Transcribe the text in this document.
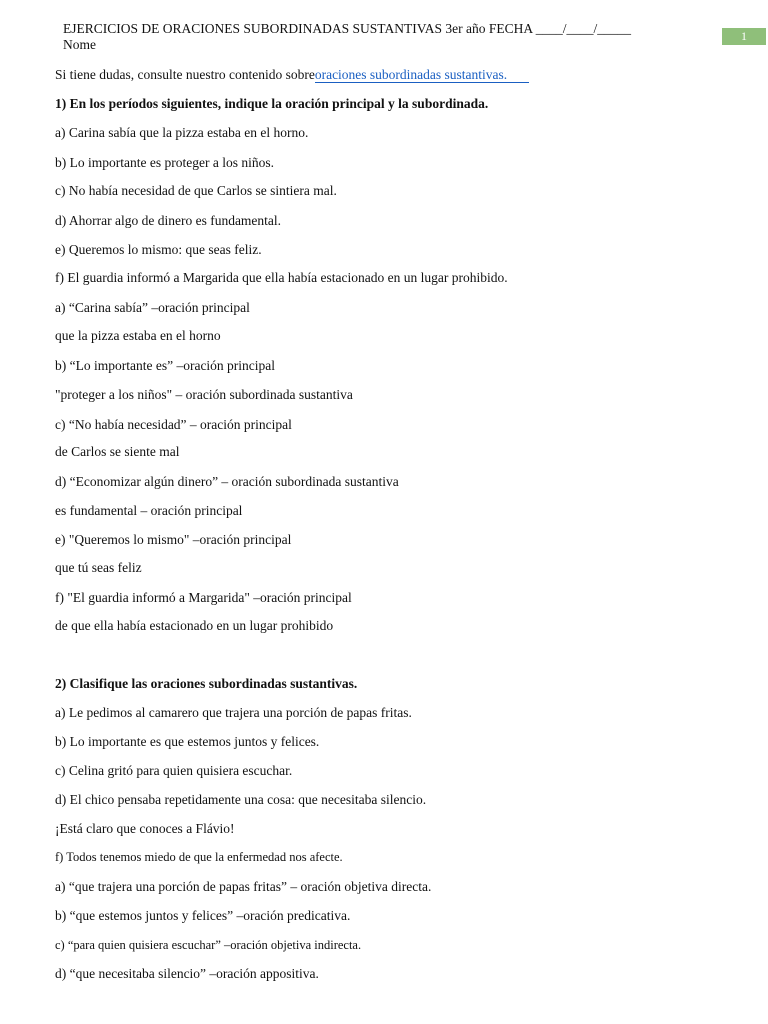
1
EJERCICIOS DE ORACIONES SUBORDINADAS SUSTANTIVAS 3er año FECHA ____/____/_____
Nome
Si tiene dudas, consulte nuestro contenido sobreoraciones subordinadas sustantivas.
1) En los períodos siguientes, indique la oración principal y la subordinada.
a) Carina sabía que la pizza estaba en el horno.
b) Lo importante es proteger a los niños.
c) No había necesidad de que Carlos se sintiera mal.
d) Ahorrar algo de dinero es fundamental.
e) Queremos lo mismo: que seas feliz.
f) El guardia informó a Margarida que ella había estacionado en un lugar prohibido.
a) “Carina sabía” –oración principal
que la pizza estaba en el horno
b) “Lo importante es” –oración principal
"proteger a los niños" – oración subordinada sustantiva
c) “No había necesidad” – oración principal
de Carlos se siente mal
d) “Economizar algún dinero” – oración subordinada sustantiva
es fundamental – oración principal
e) "Queremos lo mismo" –oración principal
que tú seas feliz
f) "El guardia informó a Margarida" –oración principal
de que ella había estacionado en un lugar prohibido
2) Clasifique las oraciones subordinadas sustantivas.
a) Le pedimos al camarero que trajera una porción de papas fritas.
b) Lo importante es que estemos juntos y felices.
c) Celina gritó para quien quisiera escuchar.
d) El chico pensaba repetidamente una cosa: que necesitaba silencio.
¡Está claro que conoces a Flávio!
f) Todos tenemos miedo de que la enfermedad nos afecte.
a) “que trajera una porción de papas fritas” – oración objetiva directa.
b) “que estemos juntos y felices” –oración predicativa.
c) “para quien quisiera escuchar” –oración objetiva indirecta.
d) “que necesitaba silencio” –oración appositiva.
